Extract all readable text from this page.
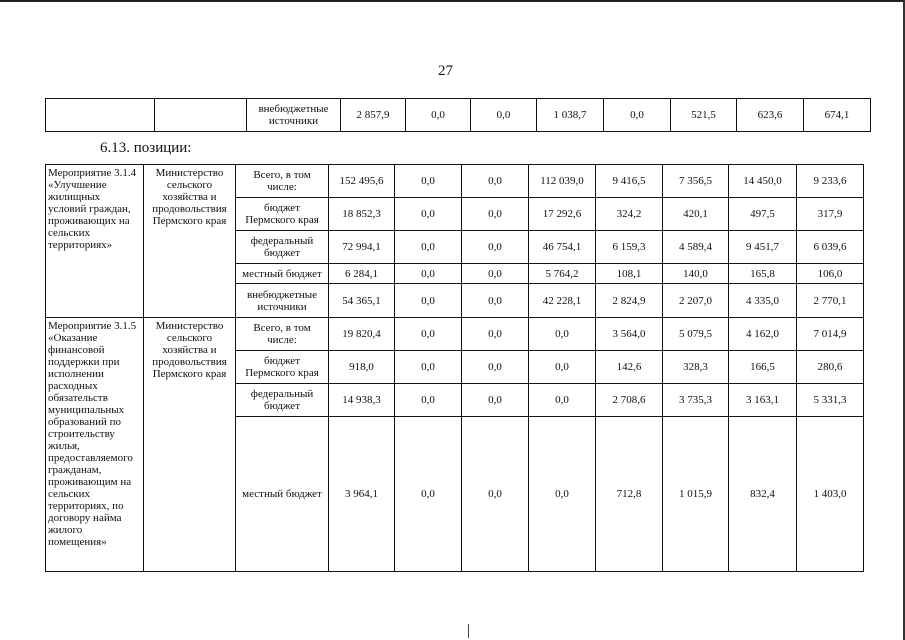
27
		внебюджетные источники	2 857,9	0,0	0,0	1 038,7	0,0	521,5	623,6	674,1
6.13. позиции:
Мероприятие 3.1.4 «Улучшение жилищных условий граждан, проживающих на сельских территориях»	Министерство сельского хозяйства и продовольствия Пермского края	Всего, в том числе:	152 495,6	0,0	0,0	112 039,0	9 416,5	7 356,5	14 450,0	9 233,6
		бюджет Пермского края	18 852,3	0,0	0,0	17 292,6	324,2	420,1	497,5	317,9
		федеральный бюджет	72 994,1	0,0	0,0	46 754,1	6 159,3	4 589,4	9 451,7	6 039,6
		местный бюджет	6 284,1	0,0	0,0	5 764,2	108,1	140,0	165,8	106,0
		внебюджетные источники	54 365,1	0,0	0,0	42 228,1	2 824,9	2 207,0	4 335,0	2 770,1
Мероприятие 3.1.5 «Оказание финансовой поддержки при исполнении расходных обязательств муниципальных образований по строительству жилья, предоставляемого гражданам, проживающим на сельских территориях, по договору найма жилого помещения»	Министерство сельского хозяйства и продовольствия Пермского края	Всего, в том числе:	19 820,4	0,0	0,0	0,0	3 564,0	5 079,5	4 162,0	7 014,9
		бюджет Пермского края	918,0	0,0	0,0	0,0	142,6	328,3	166,5	280,6
		федеральный бюджет	14 938,3	0,0	0,0	0,0	2 708,6	3 735,3	3 163,1	5 331,3
		местный бюджет	3 964,1	0,0	0,0	0,0	712,8	1 015,9	832,4	1 403,0
